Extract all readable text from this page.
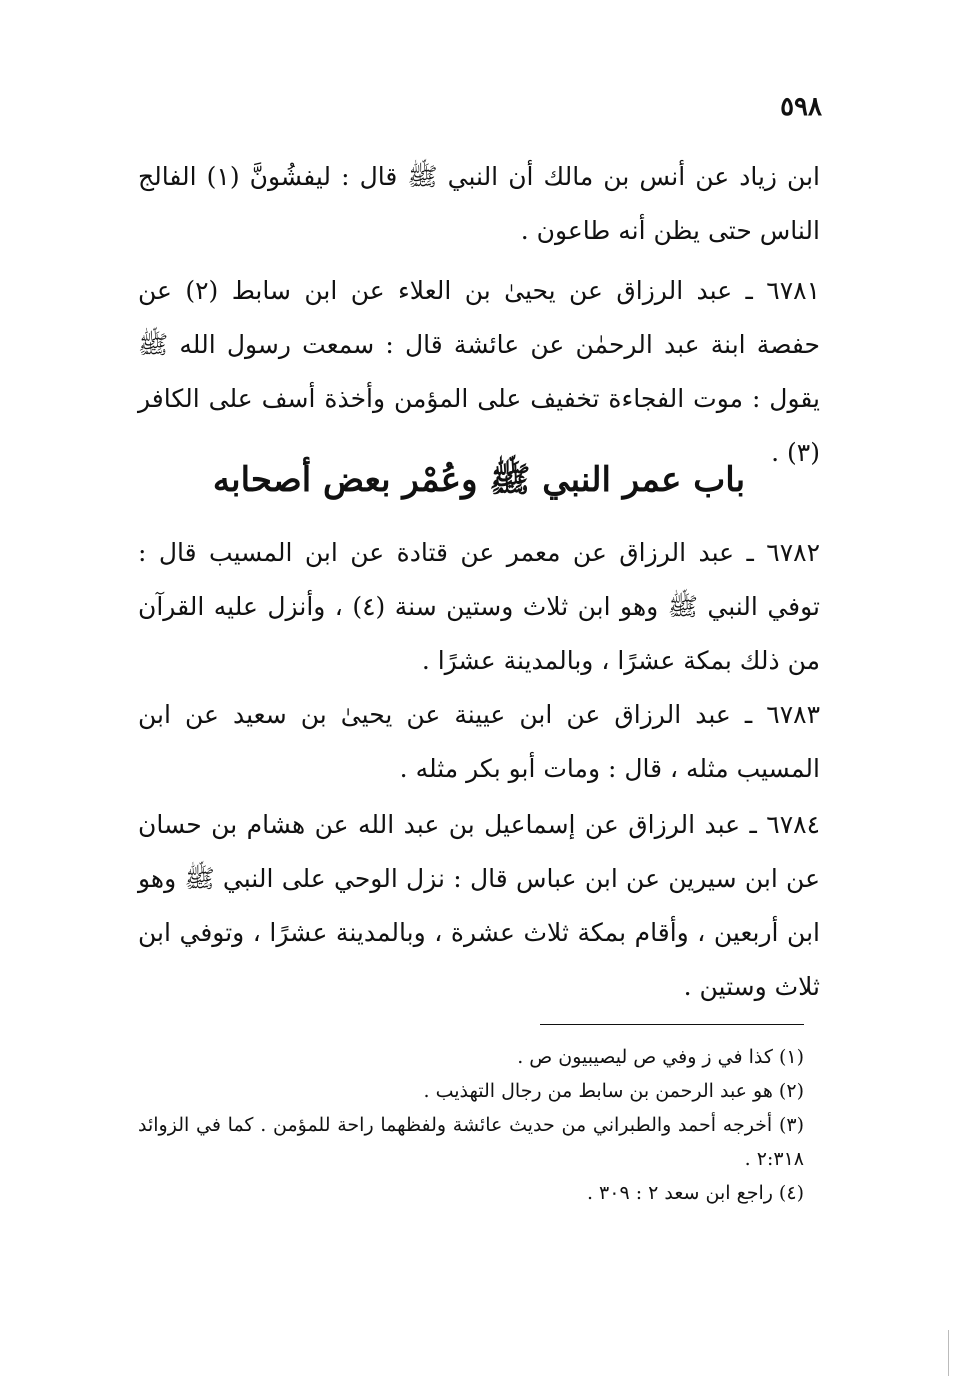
٥٩٨

ابن زياد عن أنس بن مالك أن النبي ﷺ قال : ليفشُونَّ (١) الفالج الناس حتى يظن أنه طاعون .

٦٧٨١ ـ عبد الرزاق عن يحيىٰ بن العلاء عن ابن سابط (٢) عن حفصة ابنة عبد الرحمٰن عن عائشة قال : سمعت رسول الله ﷺ يقول : موت الفجاءة تخفيف على المؤمن وأخذة أسف على الكافر (٣) .

باب عمر النبي ﷺ وعُمْر بعض أصحابه

٦٧٨٢ ـ عبد الرزاق عن معمر عن قتادة عن ابن المسيب قال : توفي النبي ﷺ وهو ابن ثلاث وستين سنة (٤) ، وأنزل عليه القرآن من ذلك بمكة عشرًا ، وبالمدينة عشرًا .

٦٧٨٣ ـ عبد الرزاق عن ابن عيينة عن يحيىٰ بن سعيد عن ابن المسيب مثله ، قال : ومات أبو بكر مثله .

٦٧٨٤ ـ عبد الرزاق عن إسماعيل بن عبد الله عن هشام بن حسان عن ابن سيرين عن ابن عباس قال : نزل الوحي على النبي ﷺ وهو ابن أربعين ، وأقام بمكة ثلاث عشرة ، وبالمدينة عشرًا ، وتوفي ابن ثلاث وستين .

(١) كذا في ز وفي ص ليصيبيون ص .

(٢) هو عبد الرحمن بن سابط من رجال التهذيب .

(٣) أخرجه أحمد والطبراني من حديث عائشة ولفظهما راحة للمؤمن . كما في الزوائد ٢:٣١٨ .

(٤) راجع ابن سعد ٢ : ٣٠٩ .
